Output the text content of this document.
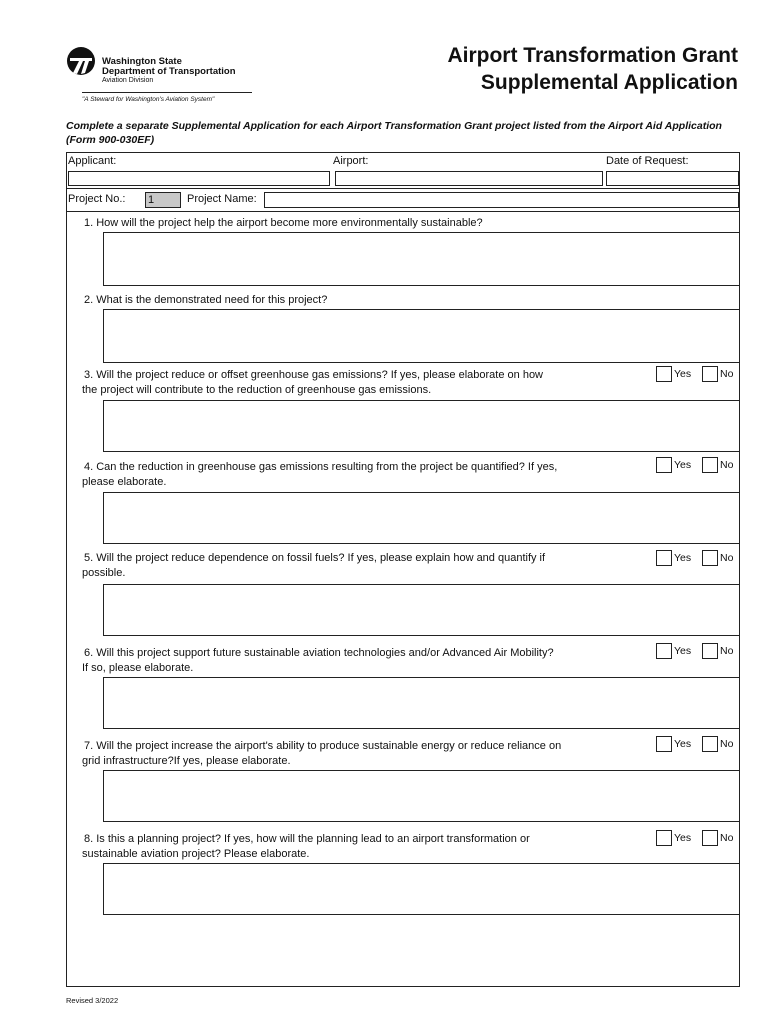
Washington State
Department of Transportation
Aviation Division
"A Steward for Washington's Aviation System"
Airport Transformation Grant
Supplemental Application
Complete a separate Supplemental Application for each Airport Transformation Grant project listed from the Airport Aid Application (Form 900-030EF)
Applicant:	Airport:	Date of Request:
Project No.: 1	Project Name:
1. How will the project help the airport become more environmentally sustainable?
2. What is the demonstrated need for this project?
3. Will the project reduce or offset greenhouse gas emissions? If yes, please elaborate on how
the project will contribute to the reduction of greenhouse gas emissions.
Yes	No
4. Can the reduction in greenhouse gas emissions resulting from the project be quantified? If yes,
please elaborate.
Yes	No
5. Will the project reduce dependence on fossil fuels? If yes, please explain how and quantify if
possible.
Yes	No
6. Will this project support future sustainable aviation technologies and/or Advanced Air Mobility?
If so, please elaborate.
Yes	No
7. Will the project increase the airport's ability to produce sustainable energy or reduce reliance on
grid infrastructure?If yes, please elaborate.
Yes	No
8. Is this a planning project? If yes, how will the planning lead to an airport transformation or
sustainable aviation project? Please elaborate.
Yes	No
Revised 3/2022
